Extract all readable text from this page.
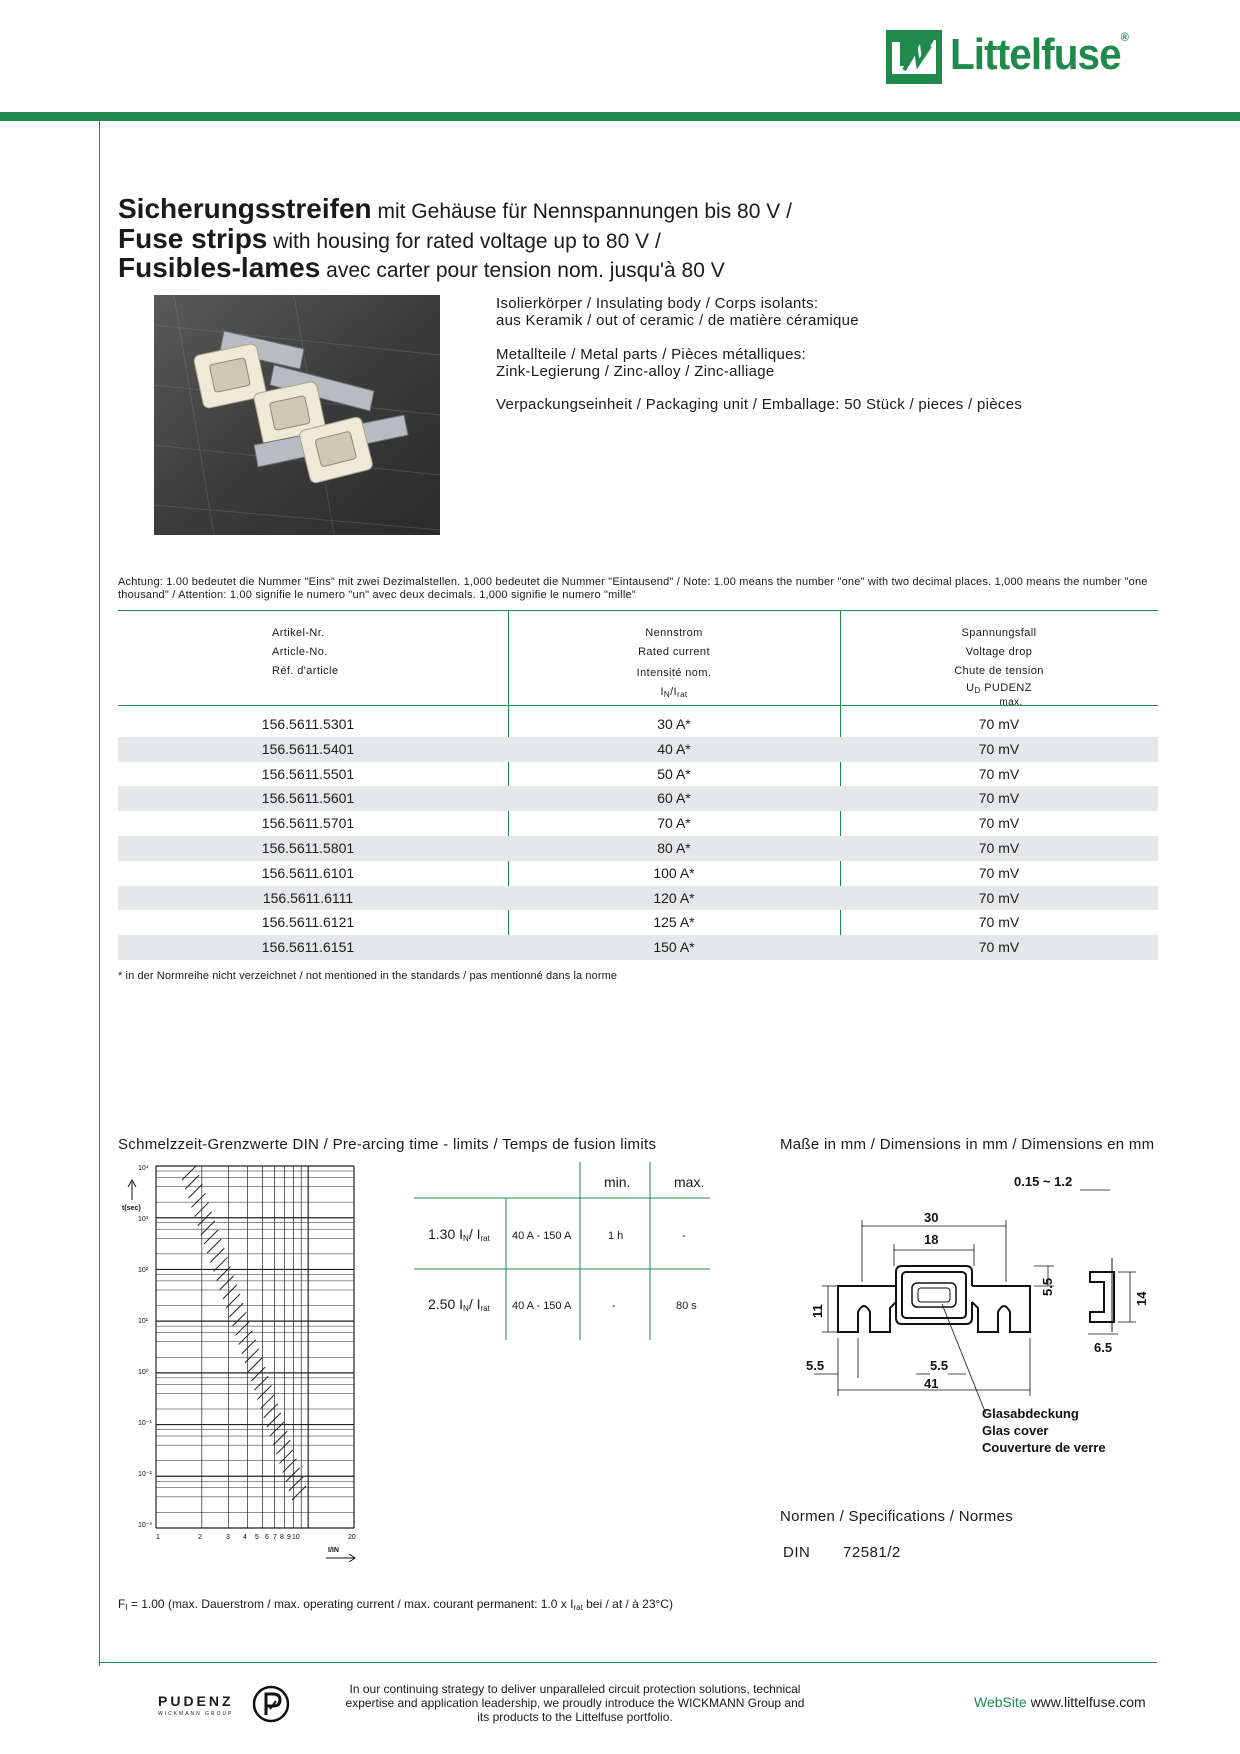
Littelfuse®
Sicherungsstreifen mit Gehäuse für Nennspannungen bis 80 V /
Fuse strips with housing for rated voltage up to 80 V /
Fusibles-lames avec carter pour tension nom. jusqu'à 80 V
Isolierkörper / Insulating body / Corps isolants:
aus Keramik / out of ceramic / de matière céramique
Metallteile / Metal parts / Pièces métalliques:
Zink-Legierung / Zinc-alloy / Zinc-alliage
Verpackungseinheit / Packaging unit / Emballage: 50 Stück / pieces / pièces
Achtung: 1.00 bedeutet die Nummer "Eins" mit zwei Dezimalstellen. 1,000 bedeutet die Nummer "Eintausend" / Note: 1.00 means the number "one" with two decimal places. 1,000 means the number "one thousand" / Attention: 1.00 signifie le numero "un" avec deux decimals. 1,000 signifie le numero "mille"
Artikel-Nr.
Article-No.
Réf. d'article
Nennstrom
Rated current
Intensité nom.
$I_N/I_{rat}$
Spannungsfall
Voltage drop
Chute de tension
$U_D$ PUDENZ
max.
156.5611.5301	30 A*	70 mV
156.5611.5401	40 A*	70 mV
156.5611.5501	50 A*	70 mV
156.5611.5601	60 A*	70 mV
156.5611.5701	70 A*	70 mV
156.5611.5801	80 A*	70 mV
156.5611.6101	100 A*	70 mV
156.5611.6111	120 A*	70 mV
156.5611.6121	125 A*	70 mV
156.5611.6151	150 A*	70 mV
* in der Normreihe nicht verzeichnet / not mentioned in the standards / pas mentionné dans la norme
Schmelzzeit-Grenzwerte DIN / Pre-arcing time - limits / Temps de fusion limits	Maße in mm / Dimensions in mm / Dimensions en mm
10⁴
10³
10²
10¹
10⁰
10⁻¹
10⁻²
10⁻³
t(sec)
1	2	3 4 5 6 7 8 9 10	20
I/IN
min.	max.
1.30 $I_N/$ $I_{rat}$ 40 A - 150 A	1 h	-
2.50 $I_N/$ $I_{rat}$ 40 A - 150 A	-	80 s
0.15 ~ 1.2
30
18
11
5.5
14
6.5
5.5	5.5
41
Glasabdeckung
Glas cover
Couverture de verre
Normen / Specifications / Normes
DIN 72581/2
$F_I = 1.00$ (max. Dauerstrom / max. operating current / max. courant permanent: 1.0 x $I_{rat}$ bei / at / à 23°C)
PUDENZ
WICKMANN GROUP
In our continuing strategy to deliver unparalleled circuit protection solutions, technical expertise and application leadership, we proudly introduce the WICKMANN Group and its products to the Littelfuse portfolio.
WebSite www.littelfuse.com
